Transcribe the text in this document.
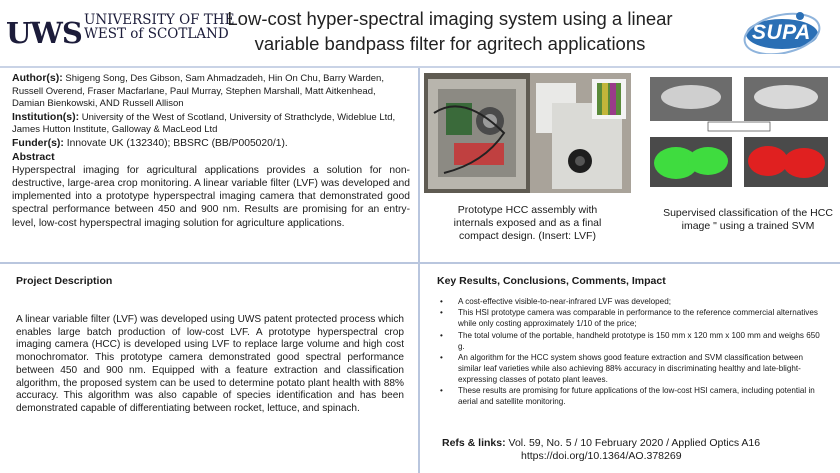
UWS UNIVERSITY OF THE
WEST of SCOTLAND
Low-cost hyper-spectral imaging system using a linear variable bandpass filter for agritech applications	SUPA

Author(s): Shigeng Song, Des Gibson, Sam Ahmadzadeh, Hin On Chu, Barry Warden, Russell Overend, Fraser Macfarlane, Paul Murray, Stephen Marshall, Matt Aitkenhead, Damian Bienkowski, AND Russell Allison

Institution(s): University of the West of Scotland, University of Strathclyde, Wideblue Ltd, James Hutton Institute, Galloway & MacLeod Ltd

Funder(s): Innovate UK (132340); BBSRC (BB/P005020/1).

Abstract

Hyperspectral imaging for agricultural applications provides a solution for non-destructive, large-area crop monitoring. A linear variable filter (LVF) was developed and implemented into a prototype hyperspectral imaging camera that demonstrated good spectral performance between 450 and 900 nm. Results are promising for an entry-level, low-cost hyperspectral imaging solution for agriculture applications.

Prototype HCC assembly with internals exposed and as a final compact design. (Insert: LVF)
Supervised classification of the HCC image " using a trained SVM
Project Description
A linear variable filter (LVF) was developed using UWS patent protected process which enables large batch production of low-cost LVF. A prototype hyperspectral crop imaging camera (HCC) is developed using LVF to replace large volume and high cost monochromator. This prototype camera demonstrated good spectral performance between 450 and 900 nm. Equipped with a feature extraction and classification algorithm, the proposed system can be used to determine potato plant health with 88% accuracy. This algorithm was also capable of species identification and has been demonstrated capable of differentiating between rocket, lettuce, and spinach.
Key Results, Conclusions, Comments, Impact
• A cost-effective visible-to-near-infrared LVF was developed;
• This HSI prototype camera was comparable in performance to the reference commercial alternatives while only costing approximately 1/10 of the price;
• The total volume of the portable, handheld prototype is 150 mm x 120 mm x 100 mm and weighs 650 g.
• An algorithm for the HCC system shows good feature extraction and SVM classification between similar leaf varieties while also achieving 88% accuracy in discriminating healthy and late-blight-expressing classes of potato plant leaves.
• These results are promising for future applications of the low-cost HSI camera, including potential in aerial and satellite monitoring.
Refs & links: Vol. 59, No. 5 / 10 February 2020 / Applied Optics A16
https://doi.org/10.1364/AO.378269
